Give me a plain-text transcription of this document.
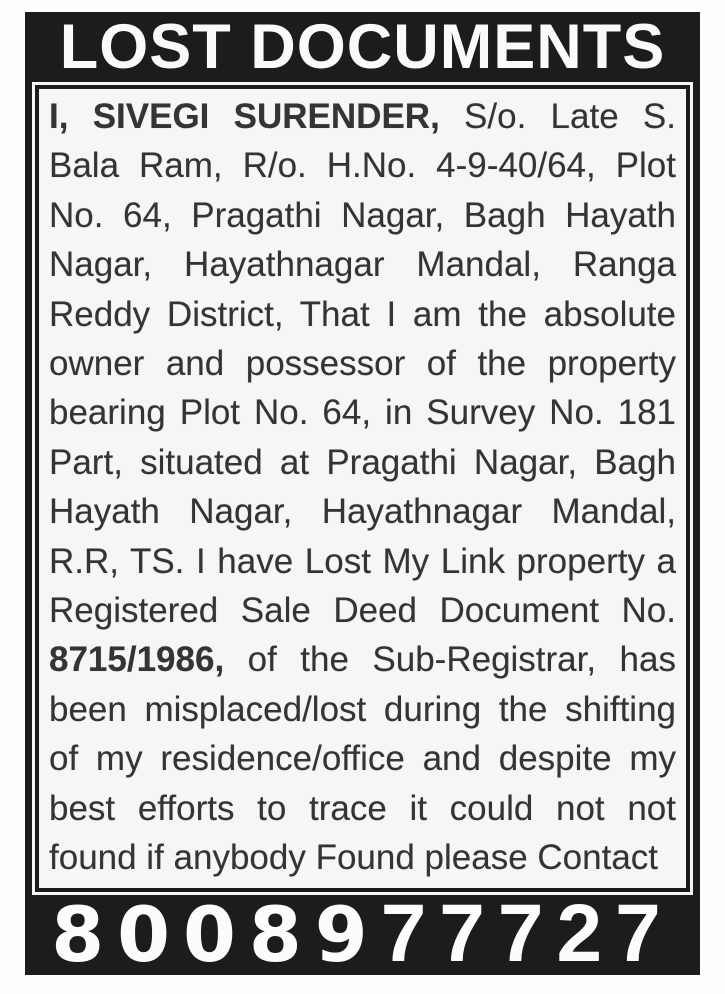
LOST DOCUMENTS

I, SIVEGI SURENDER, S/o. Late S. Bala Ram, R/o. H.No. 4-9-40/64, Plot No. 64, Pragathi Nagar, Bagh Hayath Nagar, Hayathnagar Mandal, Ranga Reddy District, That I am the absolute owner and possessor of the property bearing Plot No. 64, in Survey No. 181 Part, situated at Pragathi Nagar, Bagh Hayath Nagar, Hayathnagar Mandal, R.R, TS. I have Lost My Link property a Registered Sale Deed Document No. 8715/1986, of the Sub-Registrar, has been misplaced/lost during the shifting of my residence/office and despite my best efforts to trace it could not not found if anybody Found please Contact

8008977727
